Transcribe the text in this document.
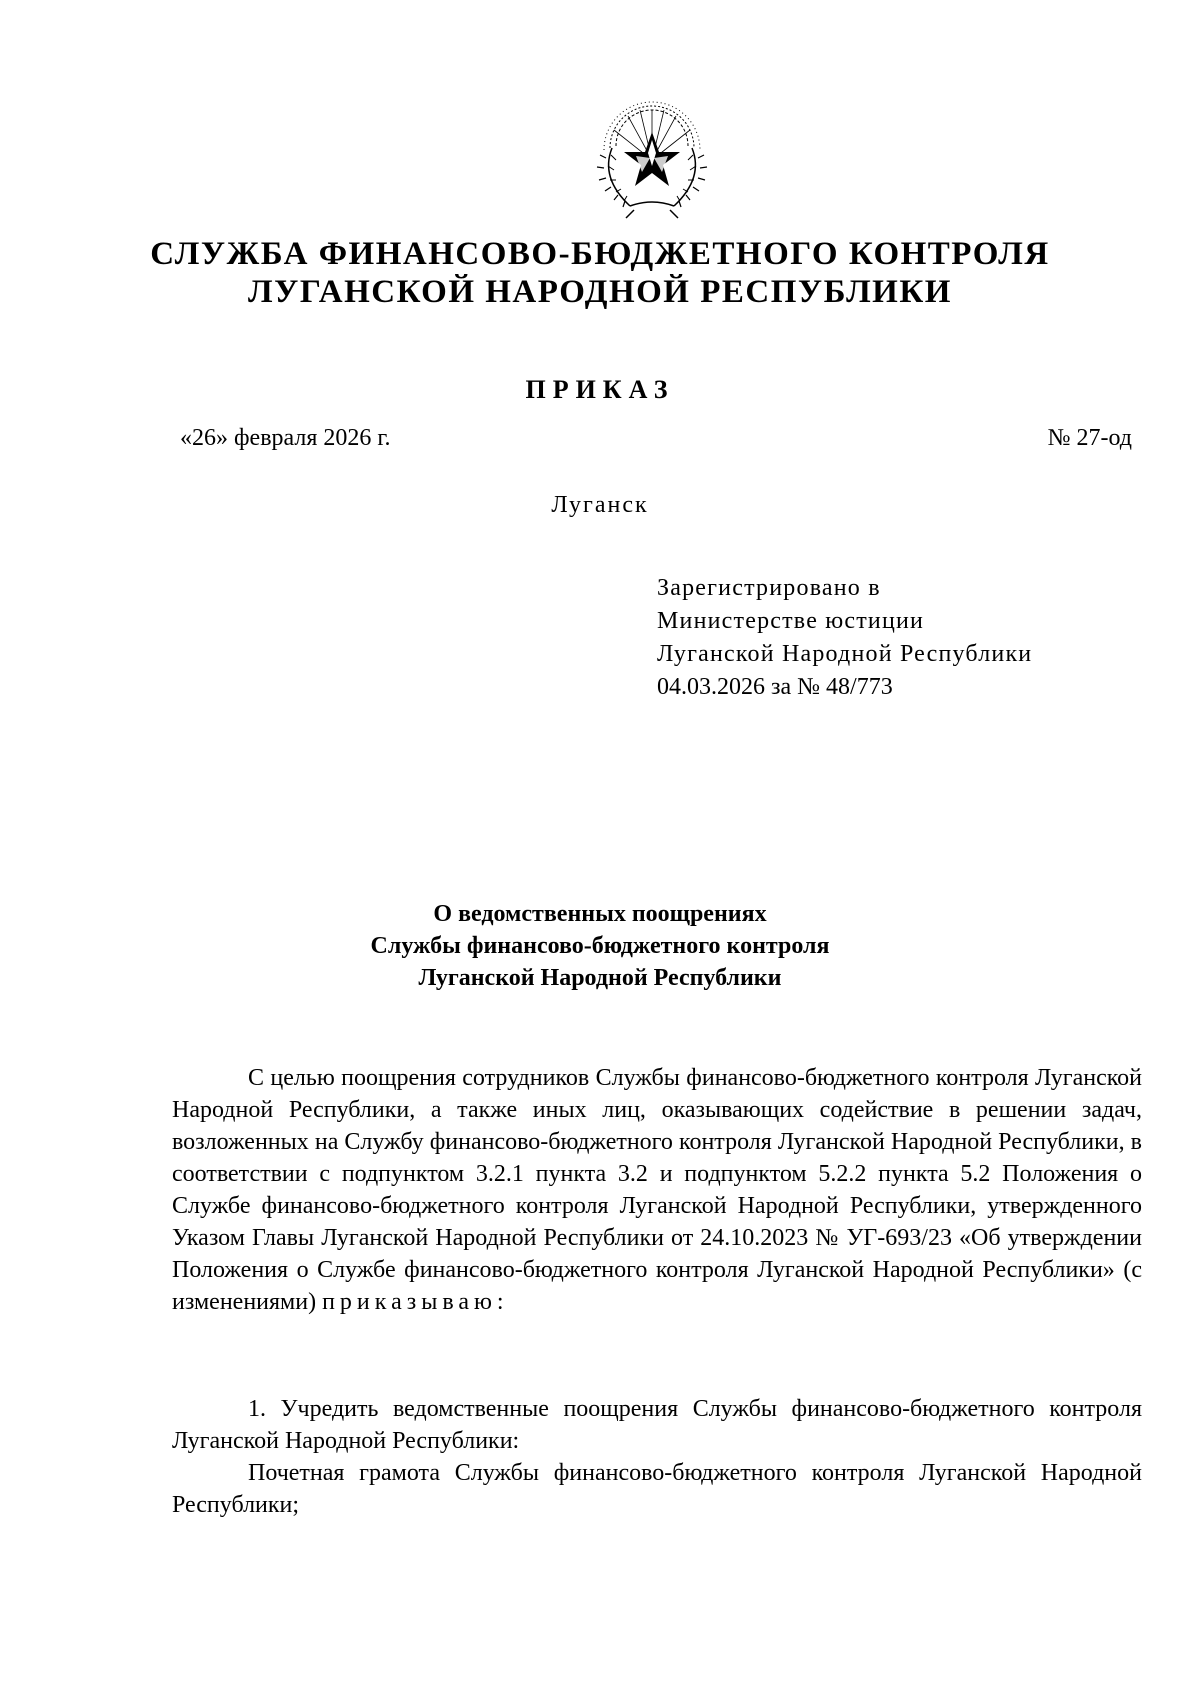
СЛУЖБА ФИНАНСОВО-БЮДЖЕТНОГО КОНТРОЛЯ
ЛУГАНСКОЙ НАРОДНОЙ РЕСПУБЛИКИ
ПРИКАЗ

«26» февраля 2026 г.	№ 27-од

Луганск

Зарегистрировано в
Министерстве юстиции
Луганской Народной Республики
04.03.2026 за № 48/773
О ведомственных поощрениях
Службы финансово-бюджетного контроля
Луганской Народной Республики

С целью поощрения сотрудников Службы финансово-бюджетного контроля Луганской Народной Республики, а также иных лиц, оказывающих содействие в решении задач, возложенных на Службу финансово-бюджетного контроля Луганской Народной Республики, в соответствии с подпунктом 3.2.1 пункта 3.2 и подпунктом 5.2.2 пункта 5.2 Положения о Службе финансово-бюджетного контроля Луганской Народной Республики, утвержденного Указом Главы Луганской Народной Республики от 24.10.2023 № УГ-693/23 «Об утверждении Положения о Службе финансово-бюджетного контроля Луганской Народной Республики» (с изменениями) приказываю:

1. Учредить ведомственные поощрения Службы финансово-бюджетного контроля Луганской Народной Республики:

Почетная грамота Службы финансово-бюджетного контроля Луганской Народной Республики;
